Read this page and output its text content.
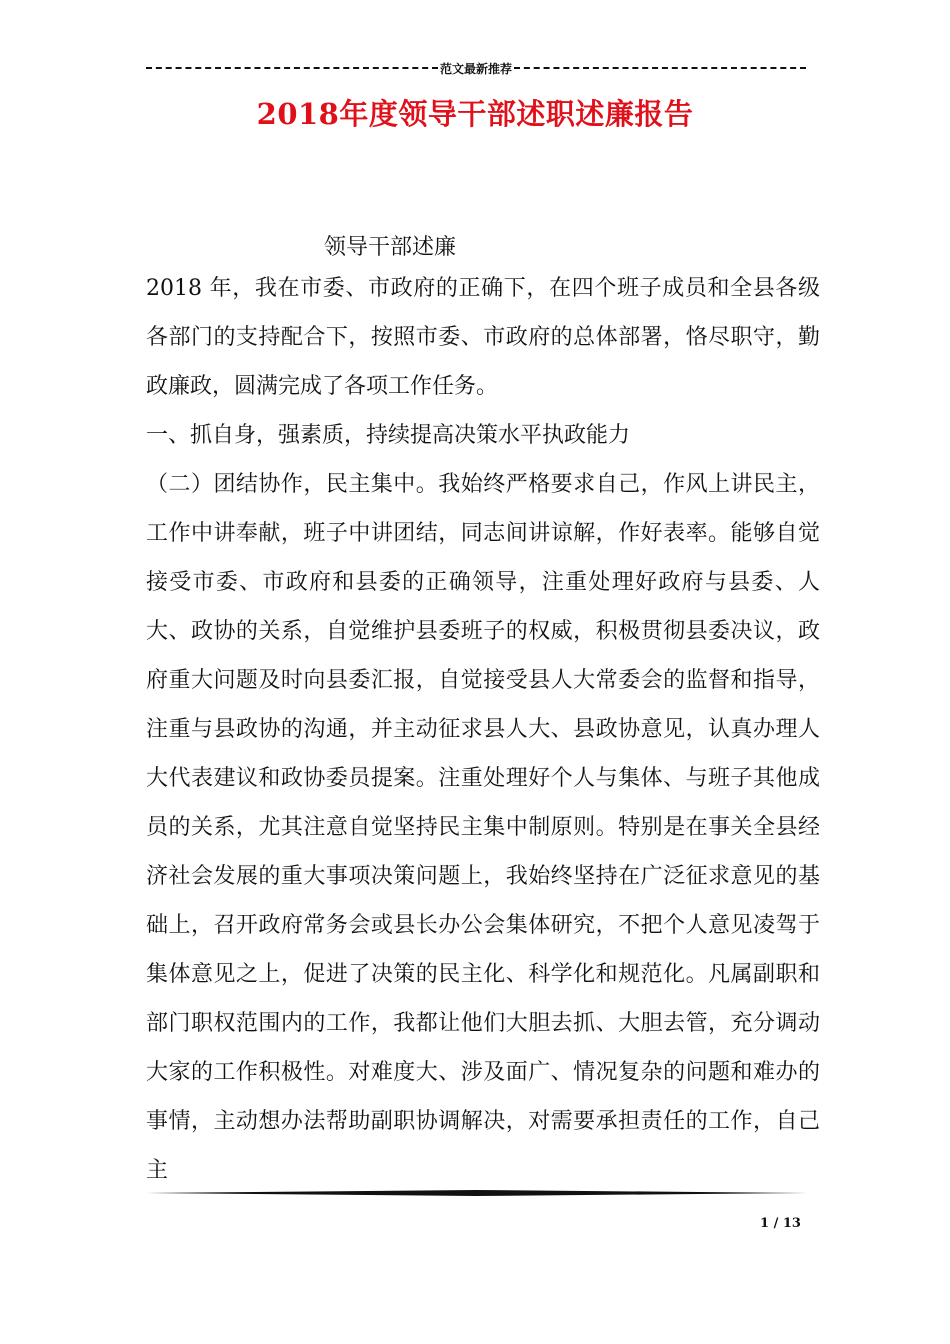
范文最新推荐
2018年度领导干部述职述廉报告
领导干部述廉

2018 年，我在市委、市政府的正确下，在四个班子成员和全县各级各部门的支持配合下，按照市委、市政府的总体部署，恪尽职守，勤政廉政，圆满完成了各项工作任务。

一、抓自身，强素质，持续提高决策水平执政能力

（二）团结协作，民主集中。我始终严格要求自己，作风上讲民主，工作中讲奉献，班子中讲团结，同志间讲谅解，作好表率。能够自觉接受市委、市政府和县委的正确领导，注重处理好政府与县委、人大、政协的关系，自觉维护县委班子的权威，积极贯彻县委决议，政府重大问题及时向县委汇报，自觉接受县人大常委会的监督和指导，注重与县政协的沟通，并主动征求县人大、县政协意见，认真办理人大代表建议和政协委员提案。注重处理好个人与集体、与班子其他成员的关系，尤其注意自觉坚持民主集中制原则。特别是在事关全县经济社会发展的重大事项决策问题上，我始终坚持在广泛征求意见的基础上，召开政府常务会或县长办公会集体研究，不把个人意见凌驾于集体意见之上，促进了决策的民主化、科学化和规范化。凡属副职和部门职权范围内的工作，我都让他们大胆去抓、大胆去管，充分调动大家的工作积极性。对难度大、涉及面广、情况复杂的问题和难办的事情，主动想办法帮助副职协调解决，对需要承担责任的工作，自己主

1 / 13
